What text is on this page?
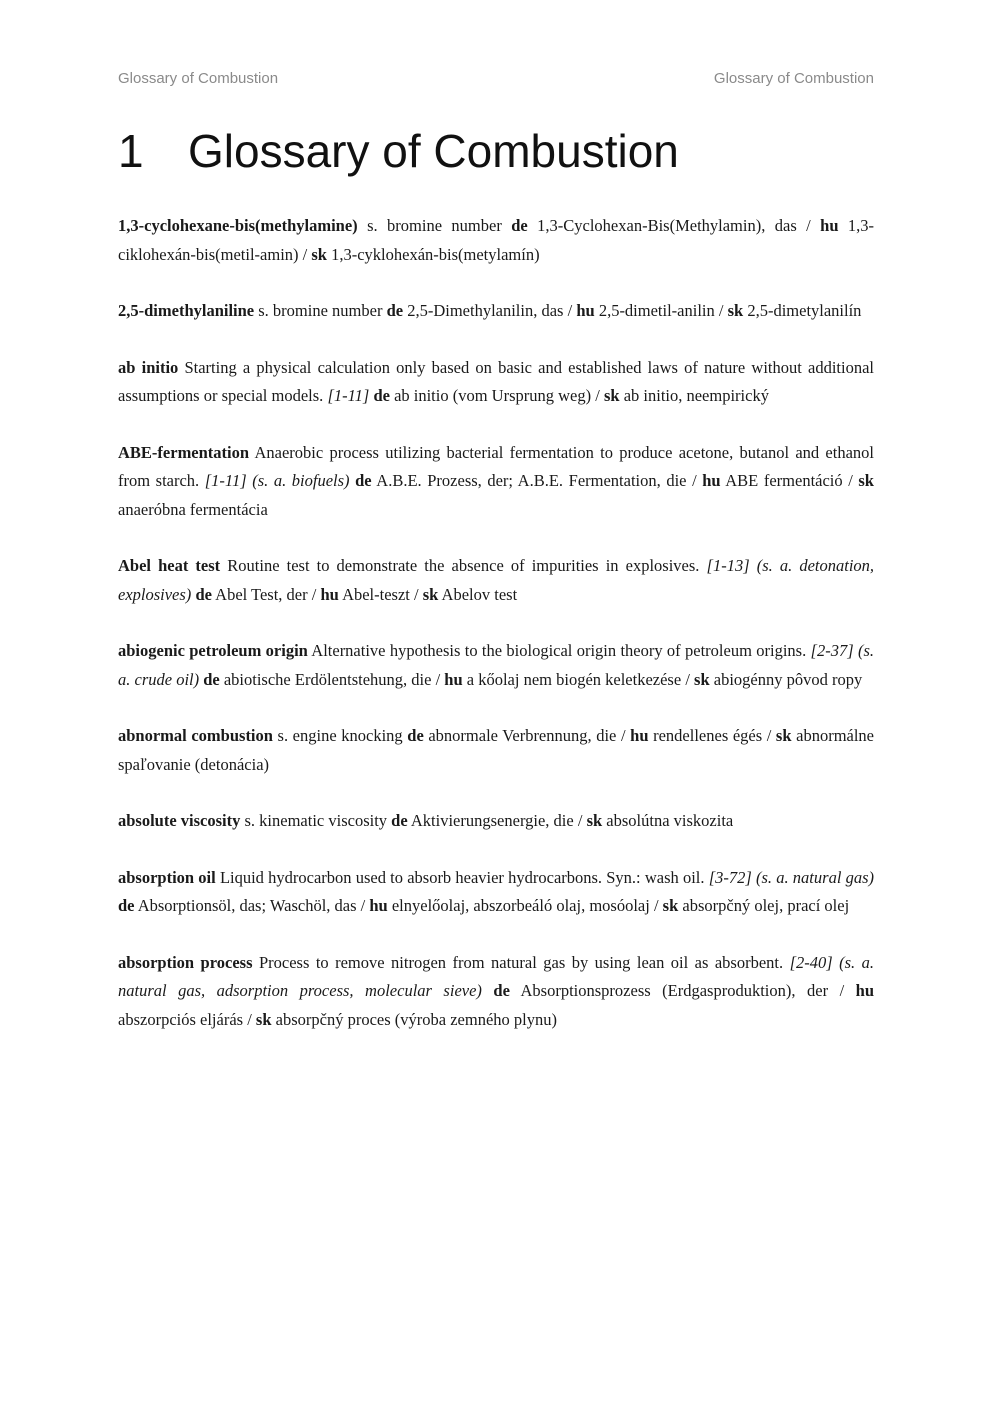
Glossary of Combustion	Glossary of Combustion
1 Glossary of Combustion

1,3-cyclohexane-bis(methylamine) s. bromine number de 1,3-Cyclohexan-Bis(Methylamin), das / hu 1,3-ciklohexán-bis(metil-amin) / sk 1,3-cyklohexán-bis(metylamín)

2,5-dimethylaniline s. bromine number de 2,5-Dimethylanilin, das / hu 2,5-dimetil-anilin / sk 2,5-dimetylanilín

ab initio Starting a physical calculation only based on basic and established laws of nature without additional assumptions or special models. [1-11] de ab initio (vom Ursprung weg) / sk ab initio, neempirický

ABE-fermentation Anaerobic process utilizing bacterial fermentation to produce acetone, butanol and ethanol from starch. [1-11] (s. a. biofuels) de A.B.E. Prozess, der; A.B.E. Fermentation, die / hu ABE fermentáció / sk anaeróbna fermentácia

Abel heat test Routine test to demonstrate the absence of impurities in explosives. [1-13] (s. a. detonation, explosives) de Abel Test, der / hu Abel-teszt / sk Abelov test

abiogenic petroleum origin Alternative hypothesis to the biological origin theory of petroleum origins. [2-37] (s. a. crude oil) de abiotische Erdölentstehung, die / hu a kőolaj nem biogén keletkezése / sk abiogénny pôvod ropy

abnormal combustion s. engine knocking de abnormale Verbrennung, die / hu rendellenes égés / sk abnormálne spaľovanie (detonácia)

absolute viscosity s. kinematic viscosity de Aktivierungsenergie, die / sk absolútna viskozita

absorption oil Liquid hydrocarbon used to absorb heavier hydrocarbons. Syn.: wash oil. [3-72] (s. a. natural gas) de Absorptionsöl, das; Waschöl, das / hu elnyelőolaj, abszorbeáló olaj, mosóolaj / sk absorpčný olej, prací olej

absorption process Process to remove nitrogen from natural gas by using lean oil as absorbent. [2-40] (s. a. natural gas, adsorption process, molecular sieve) de Absorptionsprozess (Erdgasproduktion), der / hu abszorpciós eljárás / sk absorpčný proces (výroba zemného plynu)
